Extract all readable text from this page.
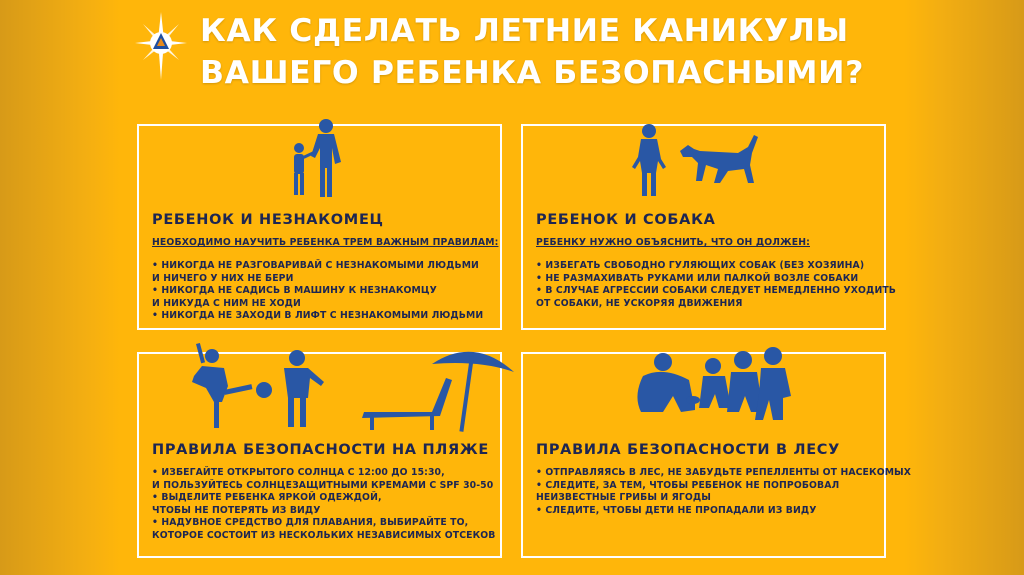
КАК СДЕЛАТЬ ЛЕТНИЕ КАНИКУЛЫ
ВАШЕГО РЕБЕНКА БЕЗОПАСНЫМИ?
РЕБЕНОК И НЕЗНАКОМЕЦ
НЕОБХОДИМО НАУЧИТЬ РЕБЕНКА ТРЕМ ВАЖНЫМ ПРАВИЛАМ:
• НИКОГДА НЕ РАЗГОВАРИВАЙ С НЕЗНАКОМЫМИ ЛЮДЬМИ
И НИЧЕГО У НИХ НЕ БЕРИ
• НИКОГДА НЕ САДИСЬ В МАШИНУ К НЕЗНАКОМЦУ
И НИКУДА С НИМ НЕ ХОДИ
• НИКОГДА НЕ ЗАХОДИ В ЛИФТ С НЕЗНАКОМЫМИ ЛЮДЬМИ
РЕБЕНОК И СОБАКА
РЕБЕНКУ НУЖНО ОБЪЯСНИТЬ, ЧТО ОН ДОЛЖЕН:
• ИЗБЕГАТЬ СВОБОДНО ГУЛЯЮЩИХ СОБАК (БЕЗ ХОЗЯИНА)
• НЕ РАЗМАХИВАТЬ РУКАМИ ИЛИ ПАЛКОЙ ВОЗЛЕ СОБАКИ
• В СЛУЧАЕ АГРЕССИИ СОБАКИ СЛЕДУЕТ НЕМЕДЛЕННО УХОДИТЬ
ОТ СОБАКИ, НЕ УСКОРЯЯ ДВИЖЕНИЯ
ПРАВИЛА БЕЗОПАСНОСТИ НА ПЛЯЖЕ
• ИЗБЕГАЙТЕ ОТКРЫТОГО СОЛНЦА С 12:00 ДО 15:30,
И ПОЛЬЗУЙТЕСЬ СОЛНЦЕЗАЩИТНЫМИ КРЕМАМИ С SPF 30-50
• ВЫДЕЛИТЕ РЕБЕНКА ЯРКОЙ ОДЕЖДОЙ,
ЧТОБЫ НЕ ПОТЕРЯТЬ ИЗ ВИДУ
• НАДУВНОЕ СРЕДСТВО ДЛЯ ПЛАВАНИЯ, ВЫБИРАЙТЕ ТО,
КОТОРОЕ СОСТОИТ ИЗ НЕСКОЛЬКИХ НЕЗАВИСИМЫХ ОТСЕКОВ
ПРАВИЛА БЕЗОПАСНОСТИ В ЛЕСУ
• ОТПРАВЛЯЯСЬ В ЛЕС, НЕ ЗАБУДЬТЕ РЕПЕЛЛЕНТЫ ОТ НАСЕКОМЫХ
• СЛЕДИТЕ, ЗА ТЕМ, ЧТОБЫ РЕБЕНОК НЕ ПОПРОБОВАЛ
НЕИЗВЕСТНЫЕ ГРИБЫ И ЯГОДЫ
• СЛЕДИТЕ, ЧТОБЫ ДЕТИ НЕ ПРОПАДАЛИ ИЗ ВИДУ
